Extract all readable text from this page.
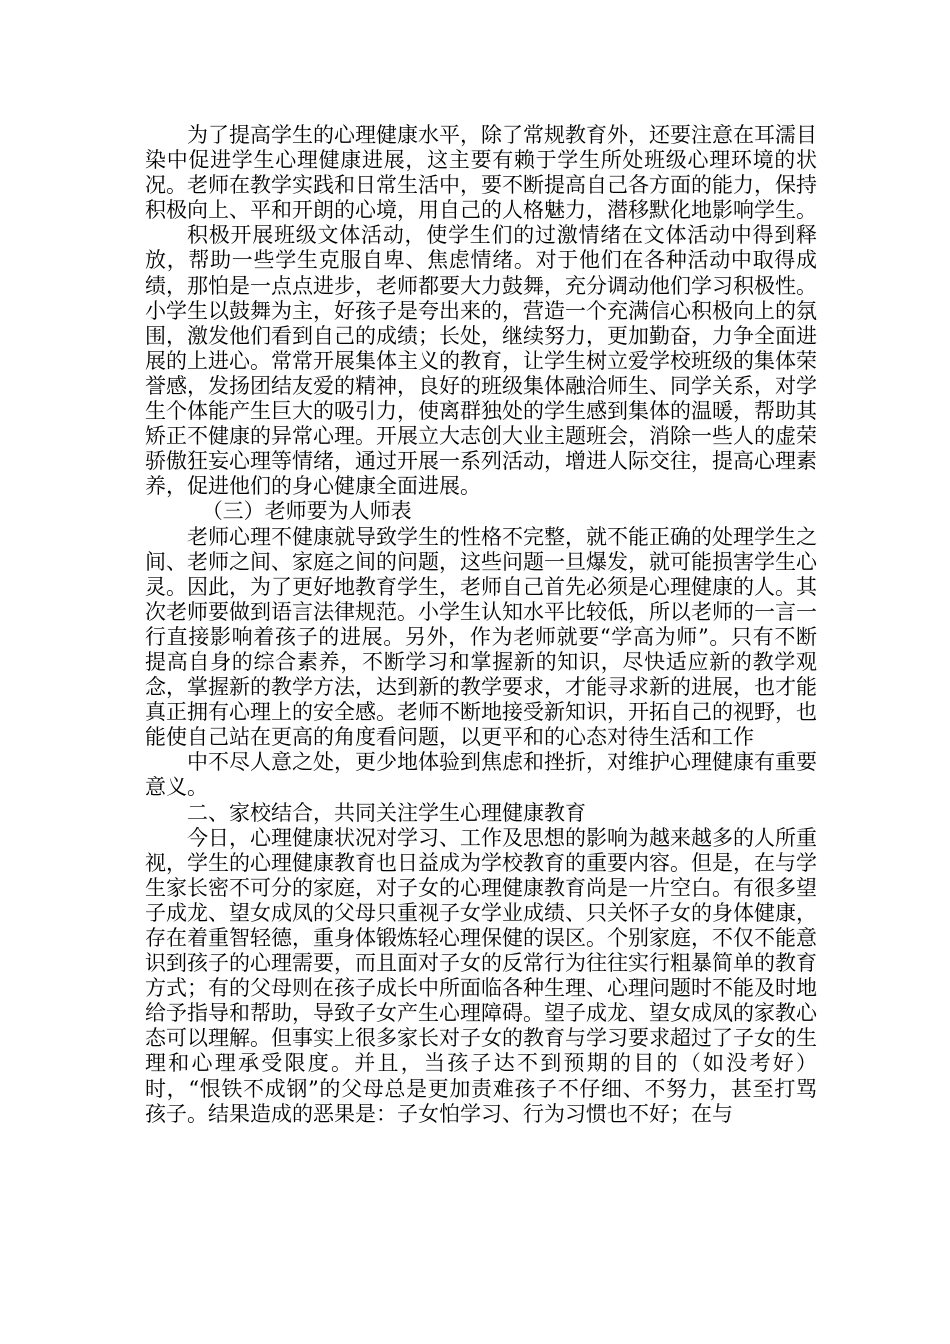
为了提高学生的心理健康水平，除了常规教育外，还要注意在耳濡目染中促进学生心理健康进展，这主要有赖于学生所处班级心理环境的状况。老师在教学实践和日常生活中，要不断提高自己各方面的能力，保持积极向上、平和开朗的心境，用自己的人格魅力，潜移默化地影响学生。

积极开展班级文体活动，使学生们的过激情绪在文体活动中得到释放，帮助一些学生克服自卑、焦虑情绪。对于他们在各种活动中取得成绩，那怕是一点点进步，老师都要大力鼓舞，充分调动他们学习积极性。小学生以鼓舞为主，好孩子是夸出来的，营造一个充满信心积极向上的氛围，激发他们看到自己的成绩；长处，继续努力，更加勤奋，力争全面进展的上进心。常常开展集体主义的教育，让学生树立爱学校班级的集体荣誉感，发扬团结友爱的精神，良好的班级集体融洽师生、同学关系，对学生个体能产生巨大的吸引力，使离群独处的学生感到集体的温暖，帮助其矫正不健康的异常心理。开展立大志创大业主题班会，消除一些人的虚荣骄傲狂妄心理等情绪，通过开展一系列活动，增进人际交往，提高心理素养，促进他们的身心健康全面进展。

（三）老师要为人师表

老师心理不健康就导致学生的性格不完整，就不能正确的处理学生之间、老师之间、家庭之间的问题，这些问题一旦爆发，就可能损害学生心灵。因此，为了更好地教育学生，老师自己首先必须是心理健康的人。其次老师要做到语言法律规范。小学生认知水平比较低，所以老师的一言一行直接影响着孩子的进展。另外，作为老师就要“学高为师”。只有不断提高自身的综合素养，不断学习和掌握新的知识，尽快适应新的教学观念，掌握新的教学方法，达到新的教学要求，才能寻求新的进展，也才能真正拥有心理上的安全感。老师不断地接受新知识，开拓自己的视野，也能使自己站在更高的角度看问题，以更平和的心态对待生活和工作

中不尽人意之处，更少地体验到焦虑和挫折，对维护心理健康有重要意义。

二、家校结合，共同关注学生心理健康教育

今日，心理健康状况对学习、工作及思想的影响为越来越多的人所重视，学生的心理健康教育也日益成为学校教育的重要内容。但是，在与学生家长密不可分的家庭，对子女的心理健康教育尚是一片空白。有很多望子成龙、望女成凤的父母只重视子女学业成绩、只关怀子女的身体健康，存在着重智轻德，重身体锻炼轻心理保健的误区。个别家庭，不仅不能意识到孩子的心理需要，而且面对子女的反常行为往往实行粗暴简单的教育方式；有的父母则在孩子成长中所面临各种生理、心理问题时不能及时地给予指导和帮助，导致子女产生心理障碍。望子成龙、望女成凤的家教心态可以理解。但事实上很多家长对子女的教育与学习要求超过了子女的生理和心理承受限度。并且，当孩子达不到预期的目的（如没考好）时，“恨铁不成钢”的父母总是更加责难孩子不仔细、不努力，甚至打骂孩子。结果造成的恶果是：子女怕学习、行为习惯也不好；在与
